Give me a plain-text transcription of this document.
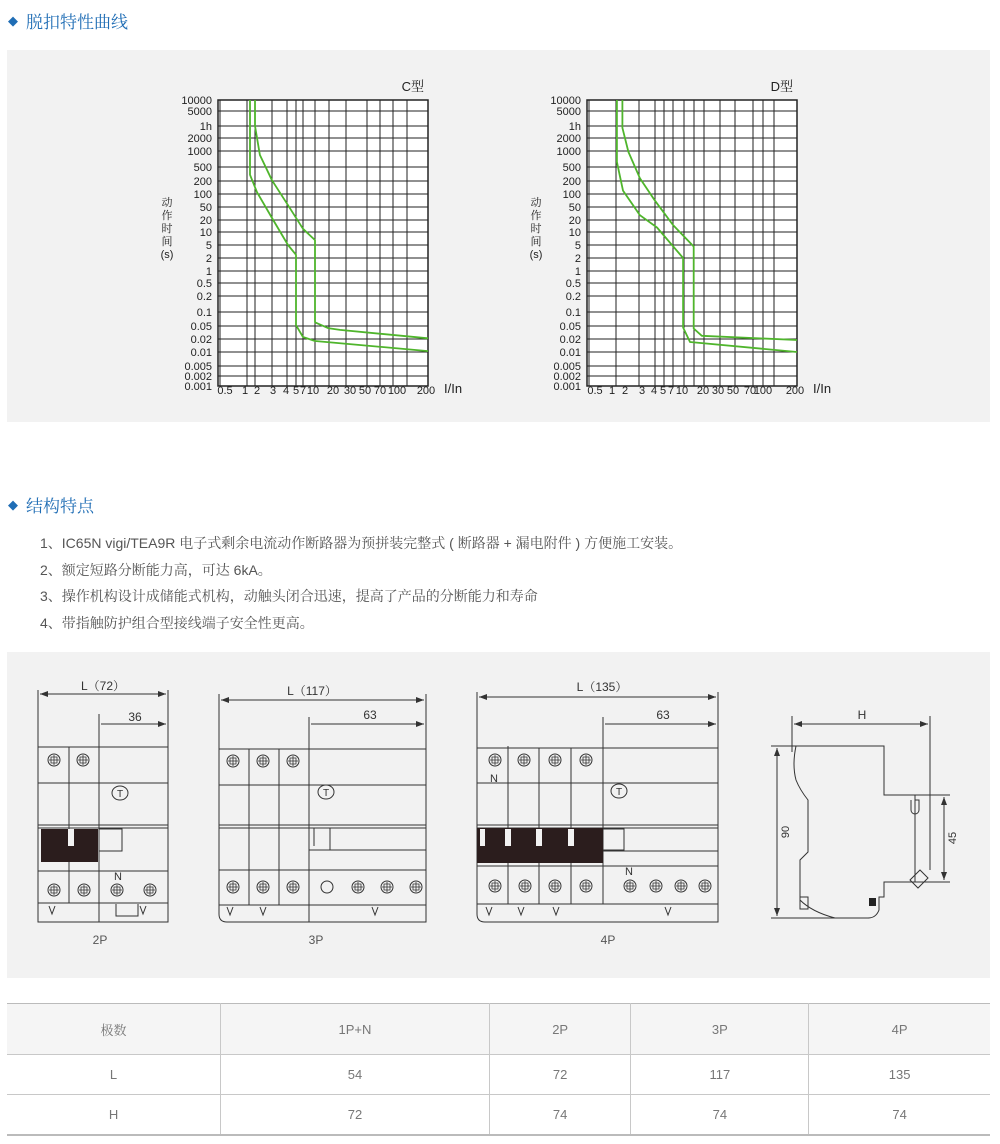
◆ 脱扣特性曲线
10000
5000
1h
2000
1000
500
200
100
50
20
10
5
2
1
0.5
0.2
0.1
0.05
0.02
0.01
0.005
0.002
0.001 0.5 1 2 3 4 5 7 10 20 30 50 70 100 200
C型
I/In
动
作
时
间
(s)
10000
5000
1h
2000
1000
500
200
100
50
20
10
5
2
1
0.5
0.2
0.1
0.05
0.02
0.01
0.005
0.002
0.001 0.5 1 2 3 4 5 7 10 20 30 50 70
100 200
D型
I/In
动
作
时
间
(s)
◆ 结构特点
1、IC65N vigi/TEA9R 电子式剩余电流动作断路器为预拼装完整式 ( 断路器 + 漏电附件 ) 方便施工安装。
2、额定短路分断能力高，可达 6kA。
3、操作机构设计成储能式机构，动触头闭合迅速，提高了产品的分断能力和寿命
4、带指触防护组合型接线端子安全性更高。
L（72）
36
T
N
2P
L（117）
63
T
3P
L（135）
63
T
N
N
4P
H
90	45
极数	1P+N	2P	3P	4P
L	54	72	117	135
H	72	74	74	74
